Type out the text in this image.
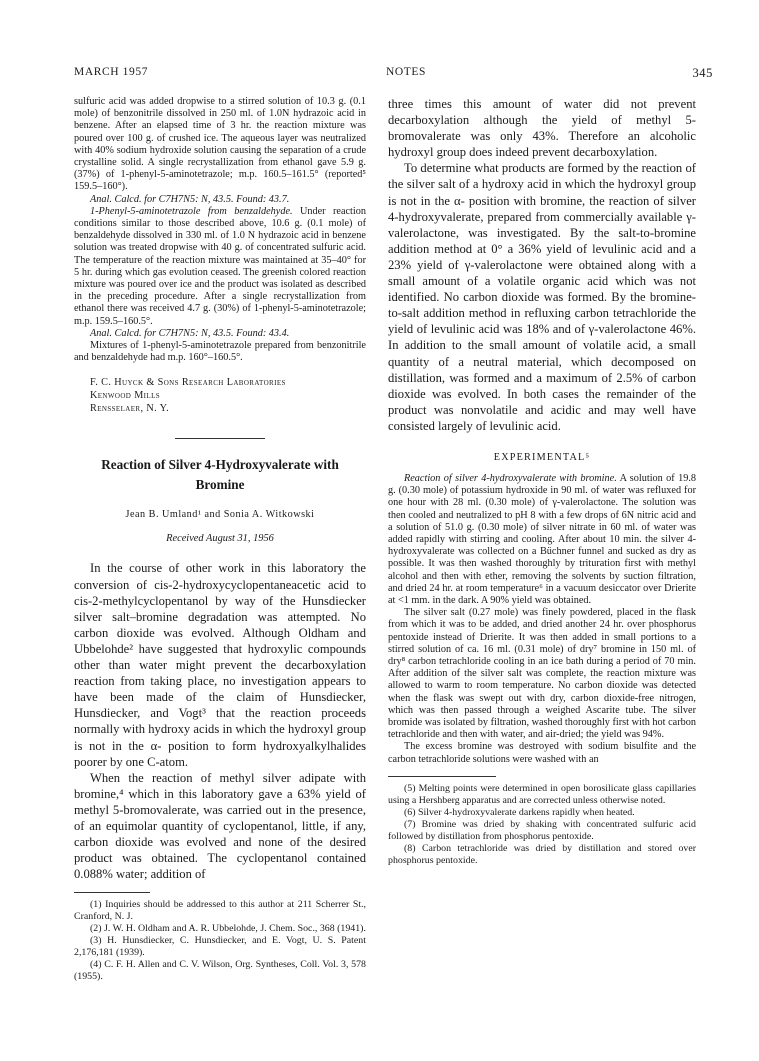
MARCH 1957	NOTES	345

sulfuric acid was added dropwise to a stirred solution of 10.3 g. (0.1 mole) of benzonitrile dissolved in 250 ml. of 1.0N hydrazoic acid in benzene. After an elapsed time of 3 hr. the reaction mixture was poured over 100 g. of crushed ice. The aqueous layer was neutralized with 40% sodium hydroxide solution causing the separation of a crude crystalline solid. A single recrystallization from ethanol gave 5.9 g. (37%) of 1-phenyl-5-aminotetrazole; m.p. 160.5–161.5° (reported⁵ 159.5–160°).

Anal. Calcd. for C7H7N5: N, 43.5. Found: 43.7.

1-Phenyl-5-aminotetrazole from benzaldehyde. Under reaction conditions similar to those described above, 10.6 g. (0.1 mole) of benzaldehyde dissolved in 330 ml. of 1.0 N hydrazoic acid in benzene solution was treated dropwise with 40 g. of concentrated sulfuric acid. The temperature of the reaction mixture was maintained at 35–40° for 5 hr. during which gas evolution ceased. The greenish colored reaction mixture was poured over ice and the product was isolated as described in the preceding procedure. After a single recrystallization from ethanol there was received 4.7 g. (30%) of 1-phenyl-5-aminotetrazole; m.p. 159.5–160.5°.

Anal. Calcd. for C7H7N5: N, 43.5. Found: 43.4.

Mixtures of 1-phenyl-5-aminotetrazole prepared from benzonitrile and benzaldehyde had m.p. 160°–160.5°.

F. C. Huyck & Sons Research Laboratories
Kenwood Mills
Rensselaer, N. Y.
Reaction of Silver 4-Hydroxyvalerate with
Bromine
Jean B. Umland¹ and Sonia A. Witkowski
Received August 31, 1956

In the course of other work in this laboratory the conversion of cis-2-hydroxycyclopentaneacetic acid to cis-2-methylcyclopentanol by way of the Hunsdiecker silver salt–bromine degradation was attempted. No carbon dioxide was evolved. Although Oldham and Ubbelohde² have suggested that hydroxylic compounds other than water might prevent the decarboxylation reaction from taking place, no investigation appears to have been made of the claim of Hunsdiecker, Hunsdiecker, and Vogt³ that the reaction proceeds normally with hydroxy acids in which the hydroxyl group is not in the α- position to form hydroxyalkylhalides poorer by one C-atom.

When the reaction of methyl silver adipate with bromine,⁴ which in this laboratory gave a 63% yield of methyl 5-bromovalerate, was carried out in the presence, of an equimolar quantity of cyclopentanol, little, if any, carbon dioxide was evolved and none of the desired product was obtained. The cyclopentanol contained 0.088% water; addition of

(1) Inquiries should be addressed to this author at 211 Scherrer St., Cranford, N. J.

(2) J. W. H. Oldham and A. R. Ubbelohde, J. Chem. Soc., 368 (1941).

(3) H. Hunsdiecker, C. Hunsdiecker, and E. Vogt, U. S. Patent 2,176,181 (1939).

(4) C. F. H. Allen and C. V. Wilson, Org. Syntheses, Coll. Vol. 3, 578 (1955).

three times this amount of water did not prevent decarboxylation although the yield of methyl 5-bromovalerate was only 43%. Therefore an alcoholic hydroxyl group does indeed prevent decarboxylation.

To determine what products are formed by the reaction of the silver salt of a hydroxy acid in which the hydroxyl group is not in the α- position with bromine, the reaction of silver 4-hydroxyvalerate, prepared from commercially available γ-valerolactone, was investigated. By the salt-to-bromine addition method at 0° a 36% yield of levulinic acid and a 23% yield of γ-valerolactone were obtained along with a small amount of a volatile organic acid which was not identified. No carbon dioxide was formed. By the bromine-to-salt addition method in refluxing carbon tetrachloride the yield of levulinic acid was 18% and of γ-valerolactone 46%. In addition to the small amount of volatile acid, a small quantity of a neutral material, which decomposed on distillation, was formed and a maximum of 2.5% of carbon dioxide was evolved. In both cases the remainder of the product was nonvolatile and acidic and may well have consisted largely of levulinic acid.

EXPERIMENTAL⁵

Reaction of silver 4-hydroxyvalerate with bromine. A solution of 19.8 g. (0.30 mole) of potassium hydroxide in 90 ml. of water was refluxed for one hour with 28 ml. (0.30 mole) of γ-valerolactone. The solution was then cooled and neutralized to pH 8 with a few drops of 6N nitric acid and a solution of 51.0 g. (0.30 mole) of silver nitrate in 60 ml. of water was added rapidly with stirring and cooling. After about 10 min. the silver 4-hydroxyvalerate was collected on a Büchner funnel and sucked as dry as possible. It was then washed thoroughly by trituration first with methyl alcohol and then with ether, removing the solvents by suction filtration, and dried 24 hr. at room temperature⁶ in a vacuum desiccator over Drierite at <1 mm. in the dark. A 90% yield was obtained.

The silver salt (0.27 mole) was finely powdered, placed in the flask from which it was to be added, and dried another 24 hr. over phosphorus pentoxide instead of Drierite. It was then added in small portions to a stirred solution of ca. 16 ml. (0.31 mole) of dry⁷ bromine in 150 ml. of dry⁸ carbon tetrachloride cooling in an ice bath during a period of 70 min. After addition of the silver salt was complete, the reaction mixture was allowed to warm to room temperature. No carbon dioxide was detected when the flask was swept out with dry, carbon dioxide-free nitrogen, which was then passed through a weighed Ascarite tube. The silver bromide was isolated by filtration, washed thoroughly first with hot carbon tetrachloride and then with water, and air-dried; the yield was 94%.

The excess bromine was destroyed with sodium bisulfite and the carbon tetrachloride solutions were washed with an

(5) Melting points were determined in open borosilicate glass capillaries using a Hershberg apparatus and are corrected unless otherwise noted.

(6) Silver 4-hydroxyvalerate darkens rapidly when heated.

(7) Bromine was dried by shaking with concentrated sulfuric acid followed by distillation from phosphorus pentoxide.

(8) Carbon tetrachloride was dried by distillation and stored over phosphorus pentoxide.
